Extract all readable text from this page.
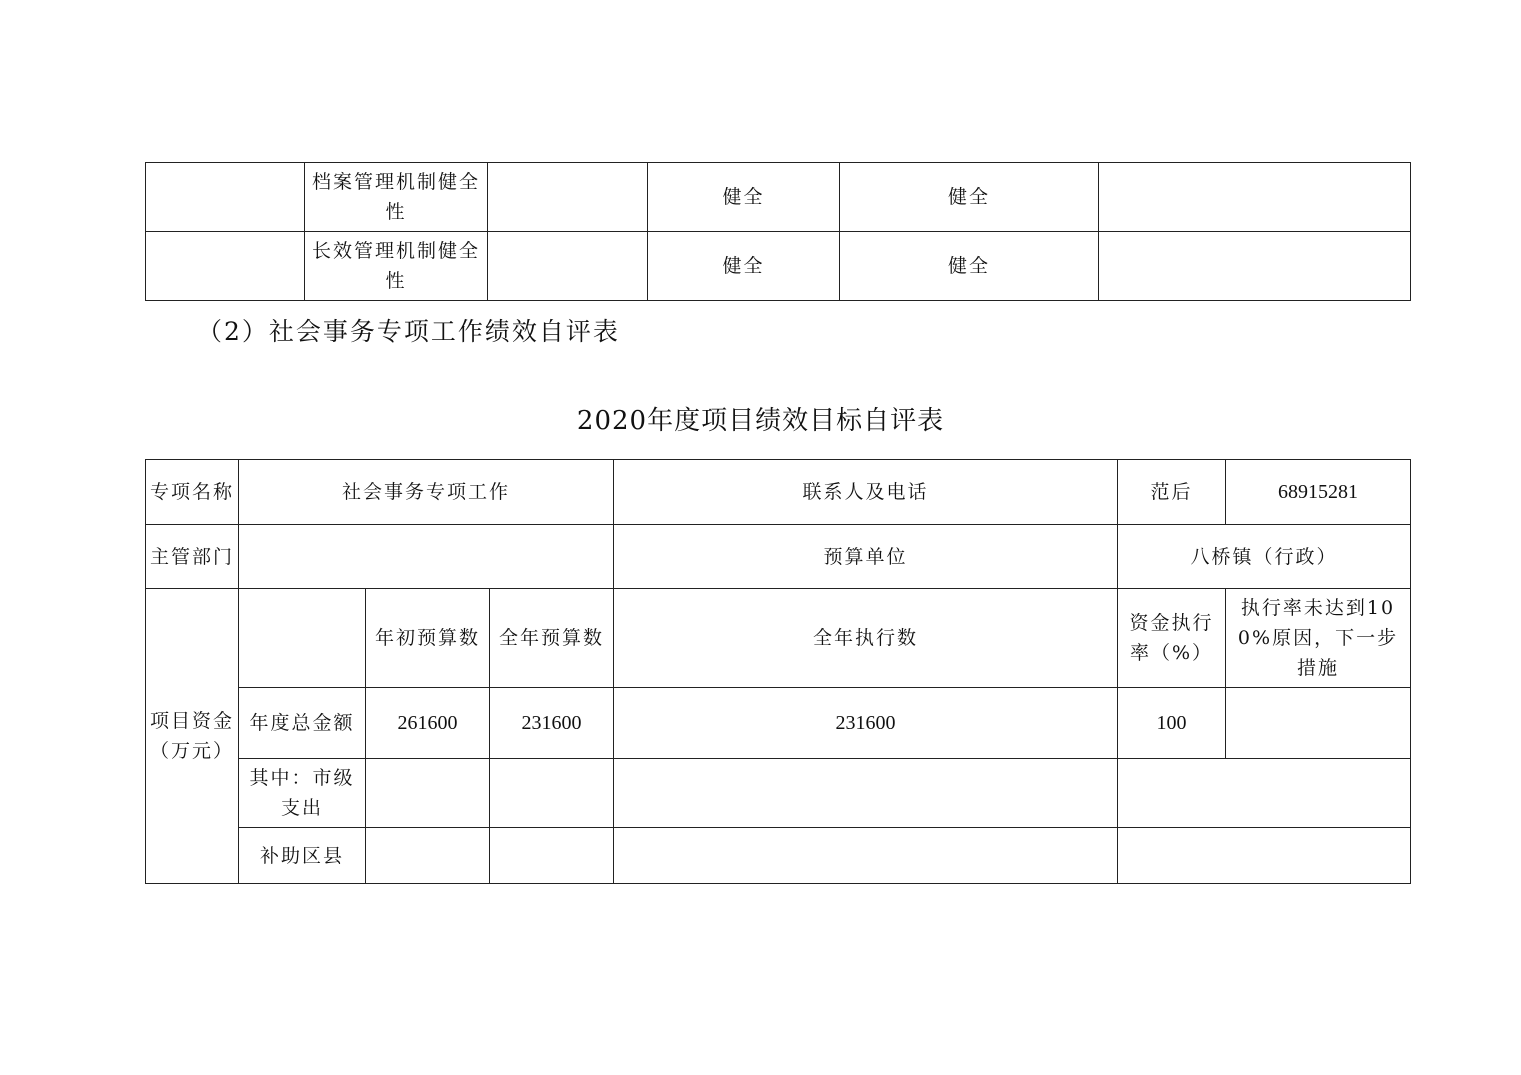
	档案管理机制健全性		健全	健全	
	长效管理机制健全性		健全	健全	
（2）社会事务专项工作绩效自评表
2020年度项目绩效目标自评表
专项名称	社会事务专项工作			联系人及电话	范后	68915281
主管部门				预算单位	八桥镇（行政）	
项目资金（万元）		年初预算数	全年预算数	全年执行数	资金执行率（%）	执行率未达到100%原因，下一步措施
	年度总金额	261600	231600	231600	100	
	其中：市级支出					
	补助区县					
